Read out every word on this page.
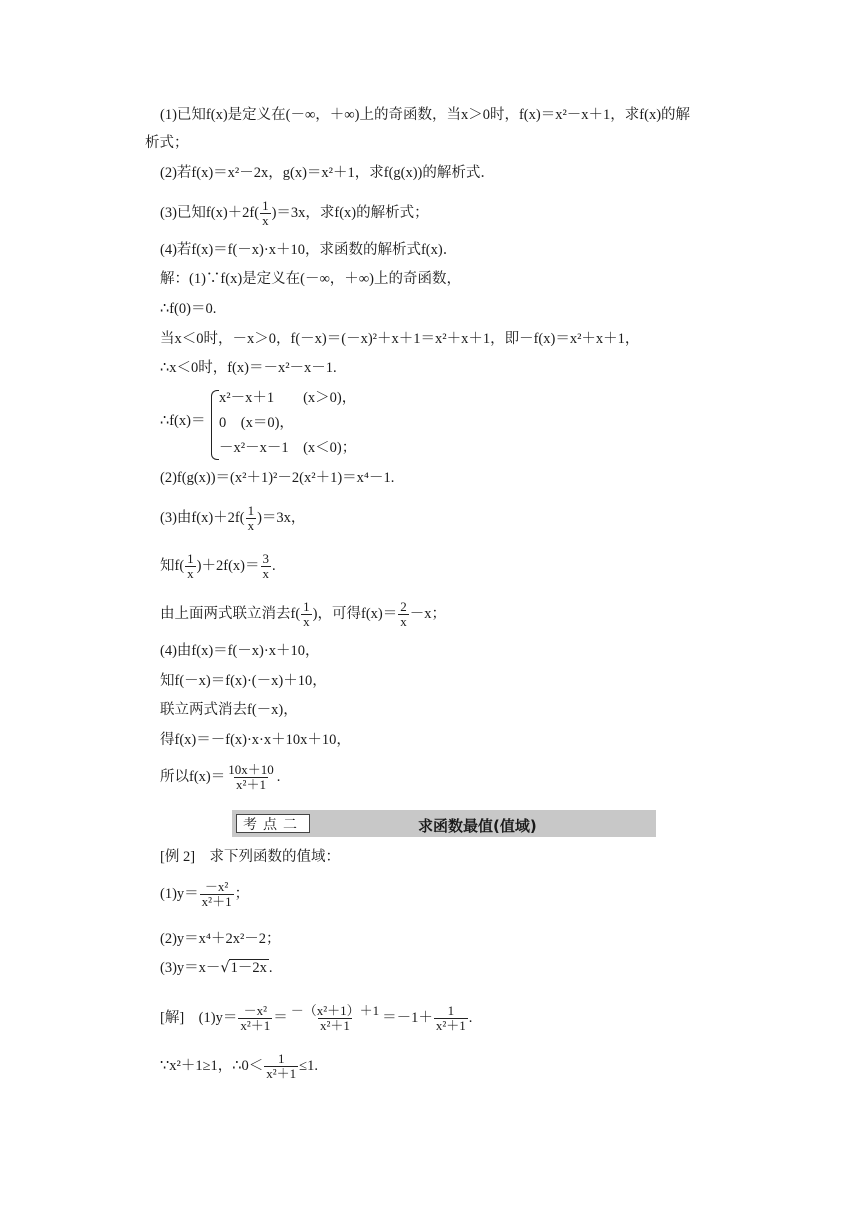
(1)已知f(x)是定义在(－∞，＋∞)上的奇函数，当x＞0时，f(x)＝x²－x＋1，求f(x)的解
析式；
(2)若f(x)＝x²－2x，g(x)＝x²＋1，求f(g(x))的解析式．
(3)已知$f(x)+2f( \frac{1}{x} )=3x$，求f(x)的解析式；
(4)若f(x)＝f(－x)·x＋10，求函数的解析式f(x)．
解：(1)∵f(x)是定义在(－∞，＋∞)上的奇函数，
∴f(0)＝0.
当x＜0时，－x＞0，f(－x)＝(－x)²＋x＋1＝x²＋x＋1，即－f(x)＝x²＋x＋1，
∴x＜0时，f(x)＝－x²－x－1.
∴f(x)＝
x²－x＋1　　(x＞0)，
0　(x＝0)，
－x²－x－1　(x＜0)；
(2)f(g(x))＝(x²＋1)²－2(x²＋1)＝x⁴－1.
(3)由$f(x)+2f( \frac{1}{x} )=3x$，
知$f( \frac{1}{x} )+2f(x)= \frac{3}{x}$ .
由上面两式联立消去$f( \frac{1}{x}$ )，可得$f(x)= \frac{2}{x} -x$；
(4)由f(x)＝f(－x)·x＋10，
知f(－x)＝f(x)·(－x)＋10，
联立两式消去f(－x)，
得f(x)＝－f(x)·x·x＋10x＋10，
所以$f(x)= \frac{10x+10}{\text{x²＋1}}$ .
考点二	求函数最值(值域)
[例 2]　求下列函数的值域：
$(1)y= \frac{\text{－x²}}{\text{x²＋1}}$ ；
(2)y＝x⁴＋2x²－2；
(3)y＝x－√1－2x .
[解]　$(1)y= \frac{\text{－x²}}{\text{x²＋1}} = \frac{\text{－（x²＋1）＋1}}{\text{x²＋1}} =-1+ \frac{1}{\text{x²＋1}}$ .
∵x²＋1≥1，∴0＜ $\frac{1}{\text{x²＋1}} \le 1$.
